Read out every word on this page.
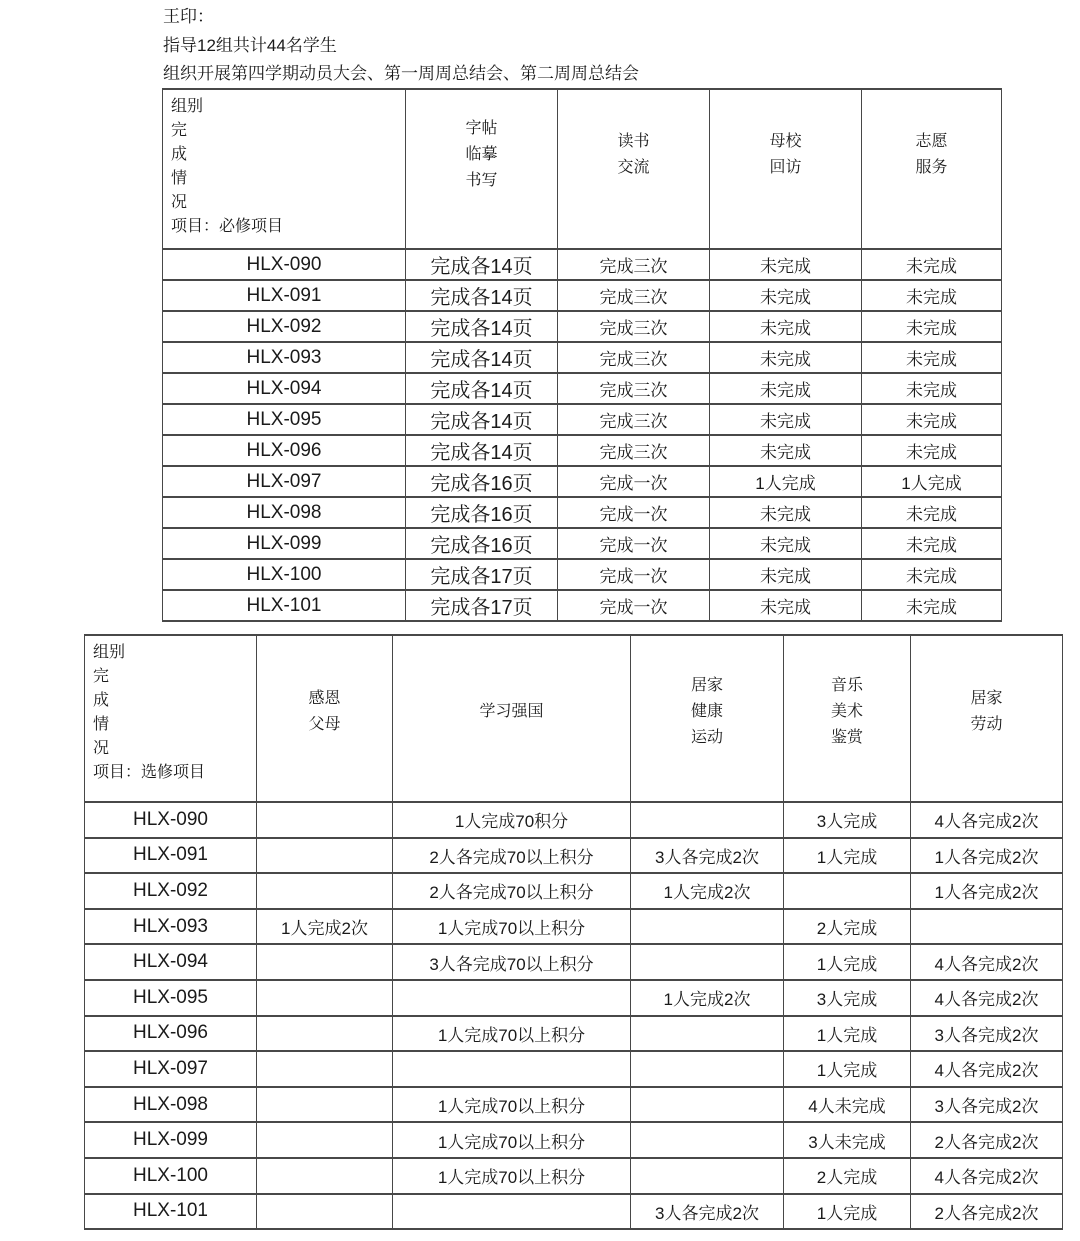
王印：
指导12组共计44名学生
组织开展第四学期动员大会、第一周周总结会、第二周周总结会
组别
完
成
情
况
项目：必修项目

字帖
临摹
书写

读书
交流

母校
回访

志愿
服务

HLX-090	完成各14页	完成三次	未完成	未完成
HLX-091	完成各14页	完成三次	未完成	未完成
HLX-092	完成各14页	完成三次	未完成	未完成
HLX-093	完成各14页	完成三次	未完成	未完成
HLX-094	完成各14页	完成三次	未完成	未完成
HLX-095	完成各14页	完成三次	未完成	未完成
HLX-096	完成各14页	完成三次	未完成	未完成
HLX-097	完成各16页	完成一次	1人完成	1人完成
HLX-098	完成各16页	完成一次	未完成	未完成
HLX-099	完成各16页	完成一次	未完成	未完成
HLX-100	完成各17页	完成一次	未完成	未完成
HLX-101	完成各17页	完成一次	未完成	未完成
组别
完
成
情
况
项目：选修项目

感恩
父母

学习强国

居家
健康
运动

音乐
美术
鉴赏

居家
劳动

HLX-090		1人完成70积分		3人完成	4人各完成2次
HLX-091		2人各完成70以上积分	3人各完成2次	1人完成	1人各完成2次
HLX-092		2人各完成70以上积分	1人完成2次		1人各完成2次
HLX-093	1人完成2次	1人完成70以上积分		2人完成	
HLX-094		3人各完成70以上积分		1人完成	4人各完成2次
HLX-095			1人完成2次	3人完成	4人各完成2次
HLX-096		1人完成70以上积分		1人完成	3人各完成2次
HLX-097				1人完成	4人各完成2次
HLX-098		1人完成70以上积分		4人未完成	3人各完成2次
HLX-099		1人完成70以上积分		3人未完成	2人各完成2次
HLX-100		1人完成70以上积分		2人完成	4人各完成2次
HLX-101			3人各完成2次	1人完成	2人各完成2次
